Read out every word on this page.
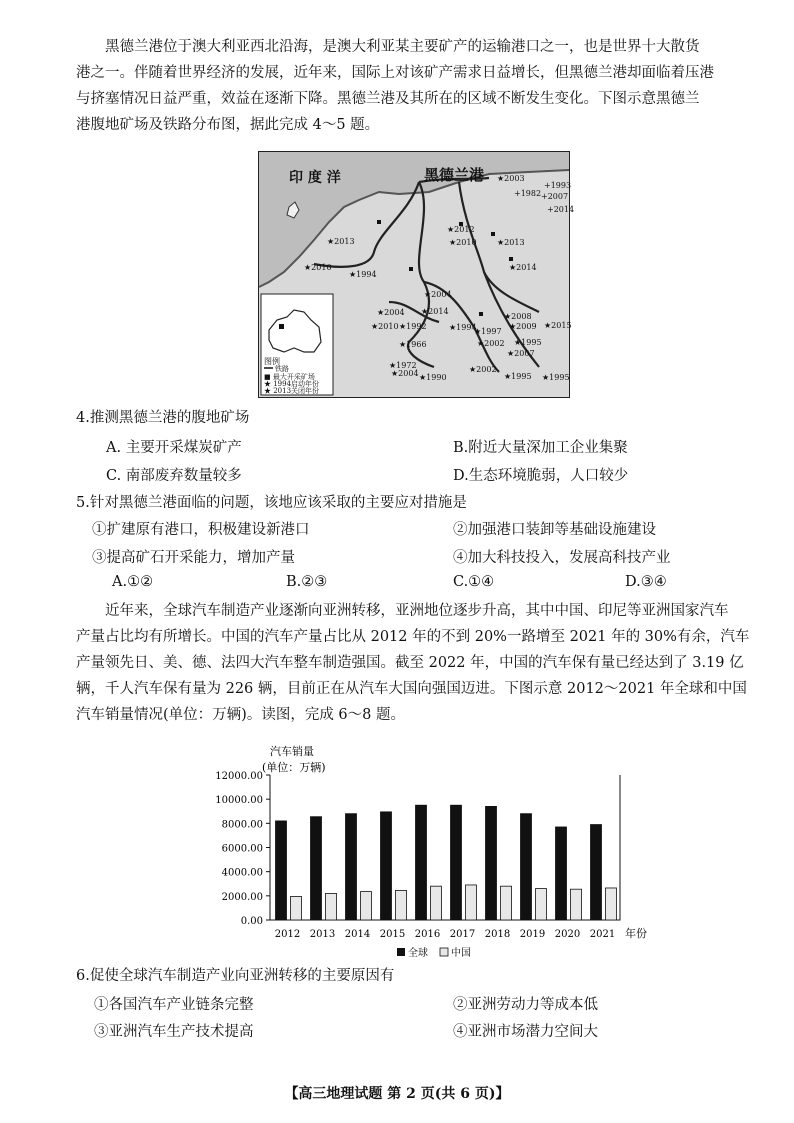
黑德兰港位于澳大利亚西北沿海，是澳大利亚某主要矿产的运输港口之一，也是世界十大散货
港之一。伴随着世界经济的发展，近年来，国际上对该矿产需求日益增长，但黑德兰港却面临着压港
与挤塞情况日益严重，效益在逐渐下降。黑德兰港及其所在的区域不断发生变化。下图示意黑德兰
港腹地矿场及铁路分布图，据此完成 4～5 题。
印 度 洋	黑德兰港 ★2003
+1993
+1982 +2007
+2014
★2013
★2010
★1994
★2012
★2010	★2013
★2014
★2004
★2014
★2004
★2010 ★1992
★1966
★1994
★1997
★2008
★2009 ★2015
★2002 ★1995
★2007
★1972
★2004 ★1990
★2002
★1995 ★1995
图例
铁路
■ 最大开采矿场
★ 1994启动年份
★ 2013关闭年份
4.推测黑德兰港的腹地矿场
A. 主要开采煤炭矿产	B.附近大量深加工企业集聚
C. 南部废弃数量较多	D.生态环境脆弱，人口较少
5.针对黑德兰港面临的问题，该地应该采取的主要应对措施是
①扩建原有港口，积极建设新港口	②加强港口装卸等基础设施建设
③提高矿石开采能力，增加产量	④加大科技投入，发展高科技产业
A.①②	B.②③	C.①④	D.③④
近年来，全球汽车制造产业逐渐向亚洲转移，亚洲地位逐步升高，其中中国、印尼等亚洲国家汽车
产量占比均有所增长。中国的汽车产量占比从 2012 年的不到 20%一路增至 2021 年的 30%有余，汽车
产量领先日、美、德、法四大汽车整车制造强国。截至 2022 年，中国的汽车保有量已经达到了 3.19 亿
辆，千人汽车保有量为 226 辆，目前正在从汽车大国向强国迈进。下图示意 2012～2021 年全球和中国
汽车销量情况(单位：万辆)。读图，完成 6～8 题。
汽车销量
(单位：万辆)
0.00
2000.00
4000.00
6000.00
8000.00
10000.00
12000.00
2012 2013 2014 2015 2016 2017 2018 2019 2020 2021 年份
全球 中国
6.促使全球汽车制造产业向亚洲转移的主要原因有
①各国汽车产业链条完整	②亚洲劳动力等成本低
③亚洲汽车生产技术提高	④亚洲市场潜力空间大
【高三地理试题 第 2 页(共 6 页)】
